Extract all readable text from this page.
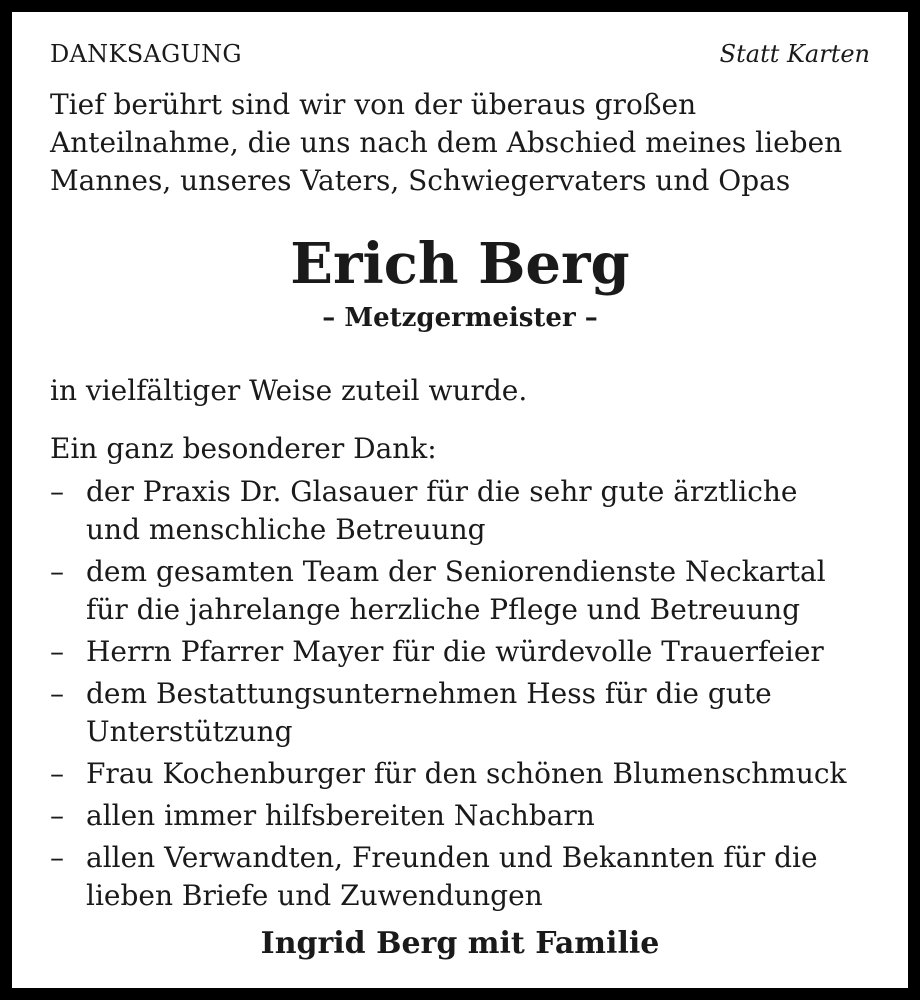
DANKSAGUNG	Statt Karten
Tief berührt sind wir von der überaus großen
Anteilnahme, die uns nach dem Abschied meines lieben
Mannes, unseres Vaters, Schwiegervaters und Opas
Erich Berg
– Metzgermeister –
in vielfältiger Weise zuteil wurde.
Ein ganz besonderer Dank:
– der Praxis Dr. Glasauer für die sehr gute ärztliche
und menschliche Betreuung
– dem gesamten Team der Seniorendienste Neckartal
für die jahrelange herzliche Pflege und Betreuung
– Herrn Pfarrer Mayer für die würdevolle Trauerfeier
– dem Bestattungsunternehmen Hess für die gute
Unterstützung
– Frau Kochenburger für den schönen Blumenschmuck
– allen immer hilfsbereiten Nachbarn
– allen Verwandten, Freunden und Bekannten für die
lieben Briefe und Zuwendungen
Ingrid Berg mit Familie
